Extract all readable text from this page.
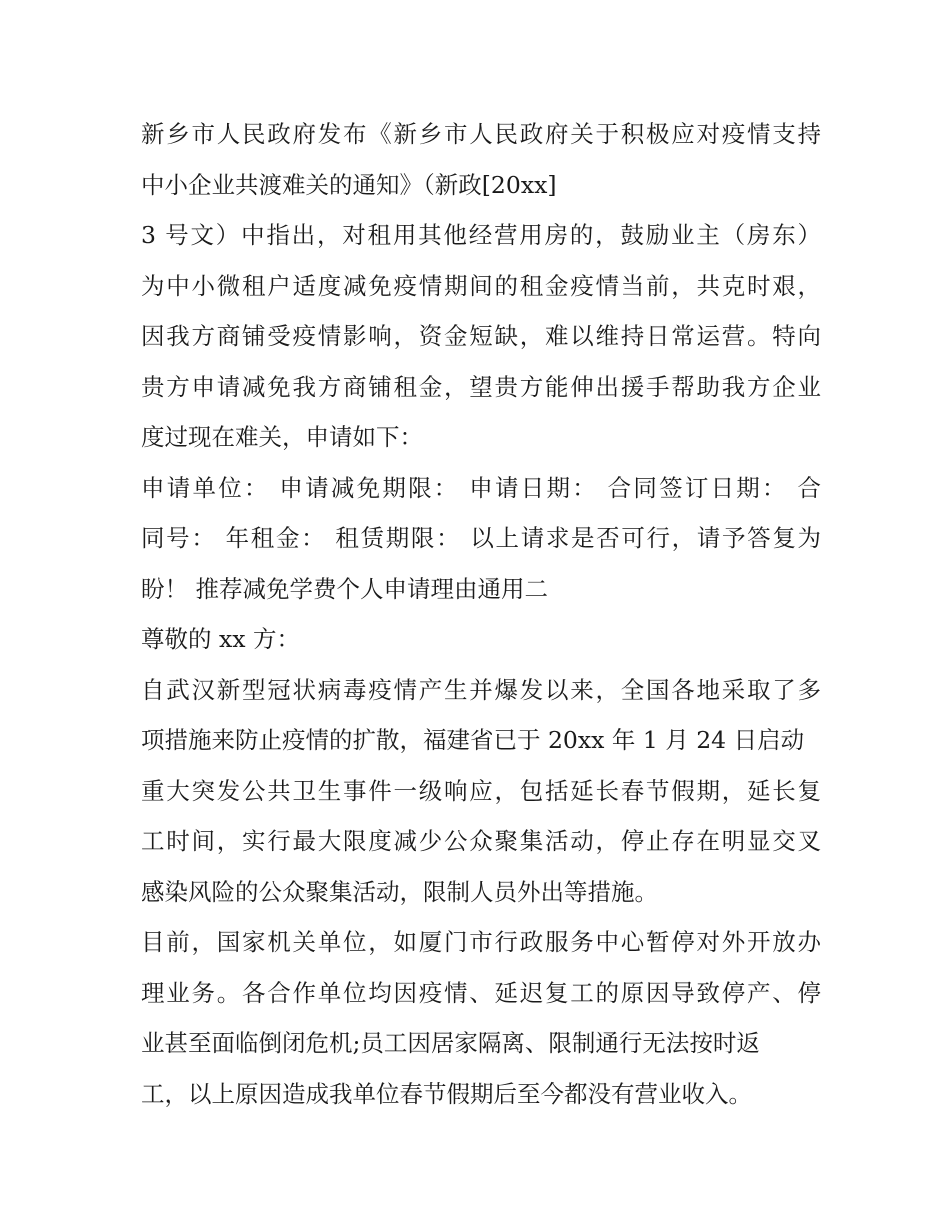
新乡市人民政府发布《新乡市人民政府关于积极应对疫情支持
中小企业共渡难关的通知》（新政[20xx]
3 号文）中指出，对租用其他经营用房的，鼓励业主（房东）
为中小微租户适度减免疫情期间的租金疫情当前，共克时艰，
因我方商铺受疫情影响，资金短缺，难以维持日常运营。特向
贵方申请减免我方商铺租金，望贵方能伸出援手帮助我方企业
度过现在难关，申请如下：
申请单位： 申请减免期限： 申请日期： 合同签订日期： 合
同号： 年租金： 租赁期限： 以上请求是否可行，请予答复为
盼！ 推荐减免学费个人申请理由通用二
尊敬的 xx 方：
自武汉新型冠状病毒疫情产生并爆发以来，全国各地采取了多
项措施来防止疫情的扩散，福建省已于 20xx 年 1 月 24 日启动
重大突发公共卫生事件一级响应，包括延长春节假期，延长复
工时间，实行最大限度减少公众聚集活动，停止存在明显交叉
感染风险的公众聚集活动，限制人员外出等措施。
目前，国家机关单位，如厦门市行政服务中心暂停对外开放办
理业务。各合作单位均因疫情、延迟复工的原因导致停产、停
业甚至面临倒闭危机;员工因居家隔离、限制通行无法按时返
工，以上原因造成我单位春节假期后至今都没有营业收入。
